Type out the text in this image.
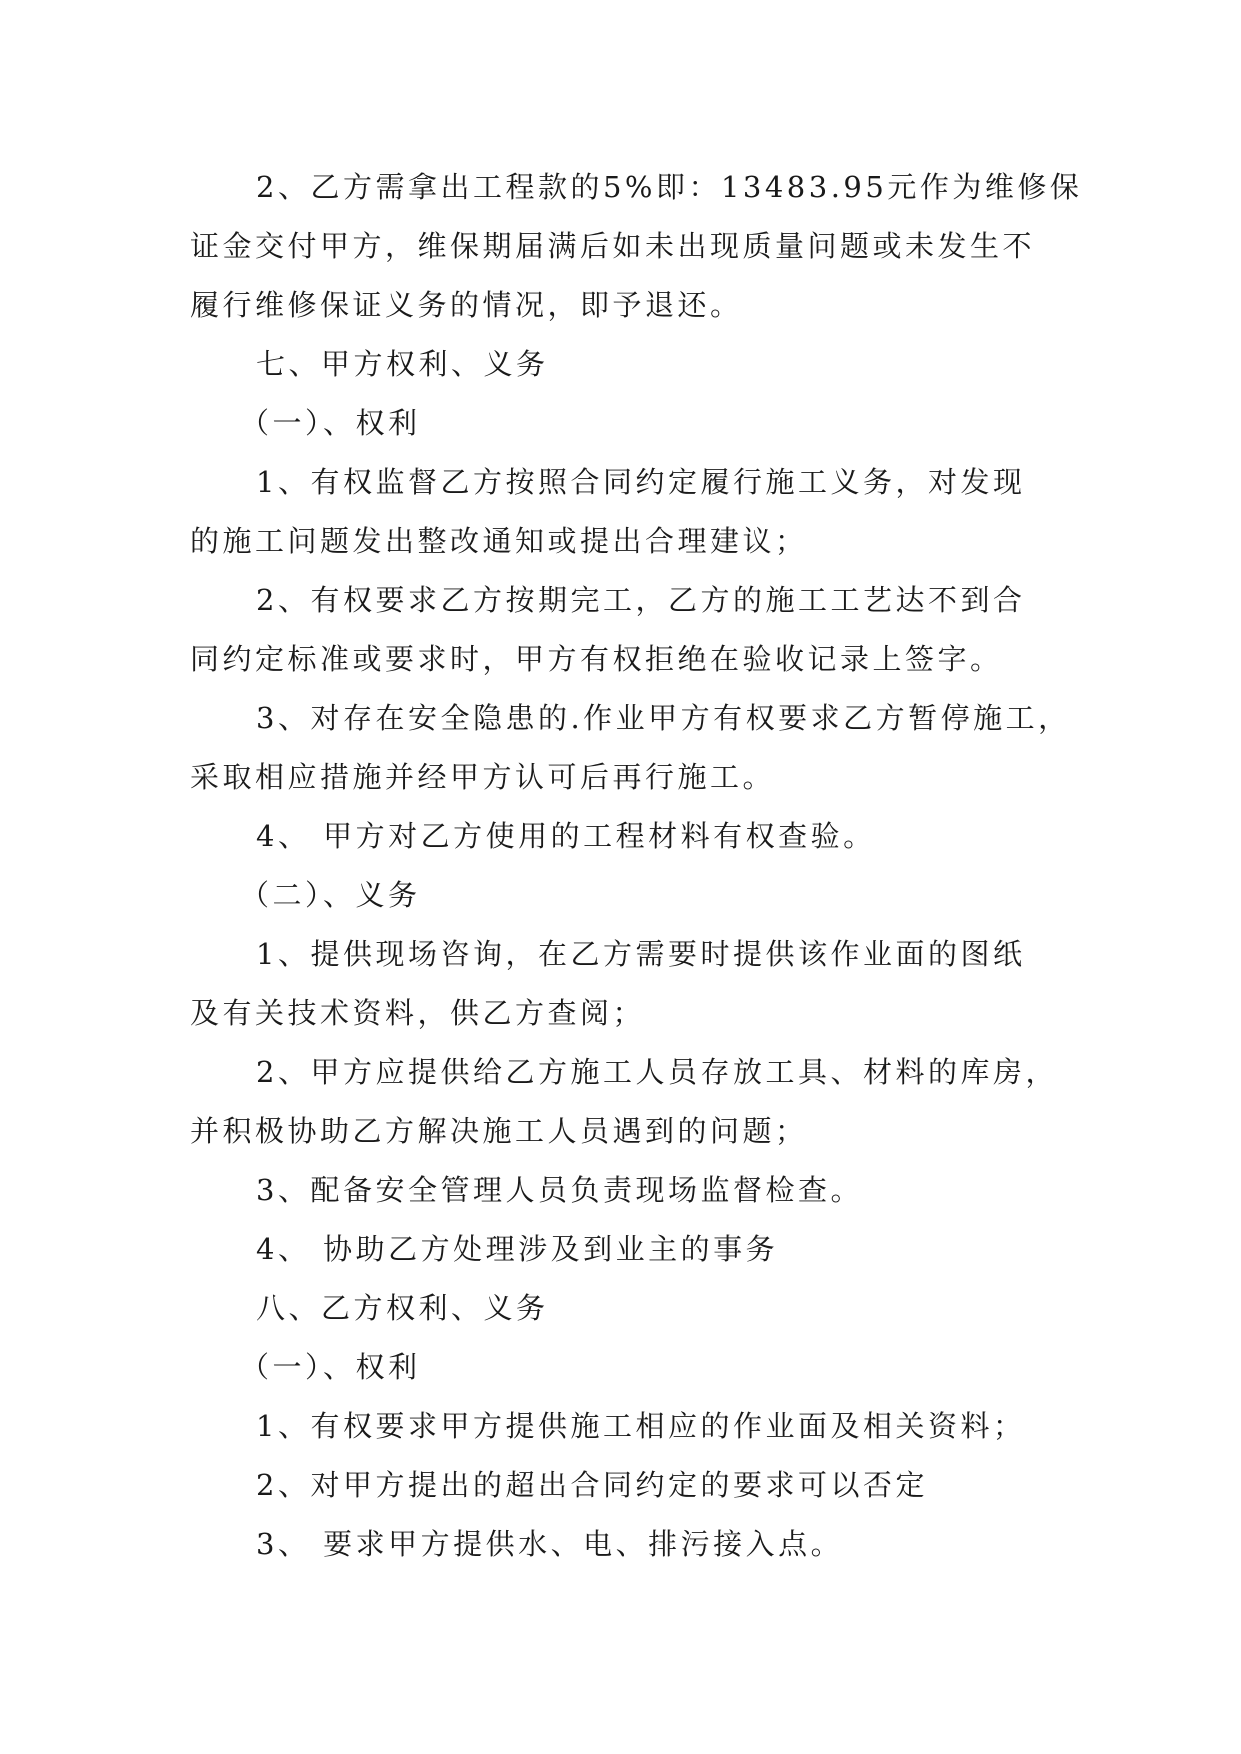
2、乙方需拿出工程款的5%即：13483.95元作为维修保

证金交付甲方，维保期届满后如未出现质量问题或未发生不

履行维修保证义务的情况，即予退还。

七、甲方权利、义务

（一）、权利

1、有权监督乙方按照合同约定履行施工义务，对发现

的施工问题发出整改通知或提出合理建议；

2、有权要求乙方按期完工，乙方的施工工艺达不到合

同约定标准或要求时，甲方有权拒绝在验收记录上签字。

3、对存在安全隐患的.作业甲方有权要求乙方暂停施工，

采取相应措施并经甲方认可后再行施工。

4、 甲方对乙方使用的工程材料有权查验。

（二）、义务

1、提供现场咨询，在乙方需要时提供该作业面的图纸

及有关技术资料，供乙方查阅；

2、甲方应提供给乙方施工人员存放工具、材料的库房，

并积极协助乙方解决施工人员遇到的问题；

3、配备安全管理人员负责现场监督检查。

4、 协助乙方处理涉及到业主的事务

八、乙方权利、义务

（一）、权利

1、有权要求甲方提供施工相应的作业面及相关资料；

2、对甲方提出的超出合同约定的要求可以否定

3、 要求甲方提供水、电、排污接入点。
